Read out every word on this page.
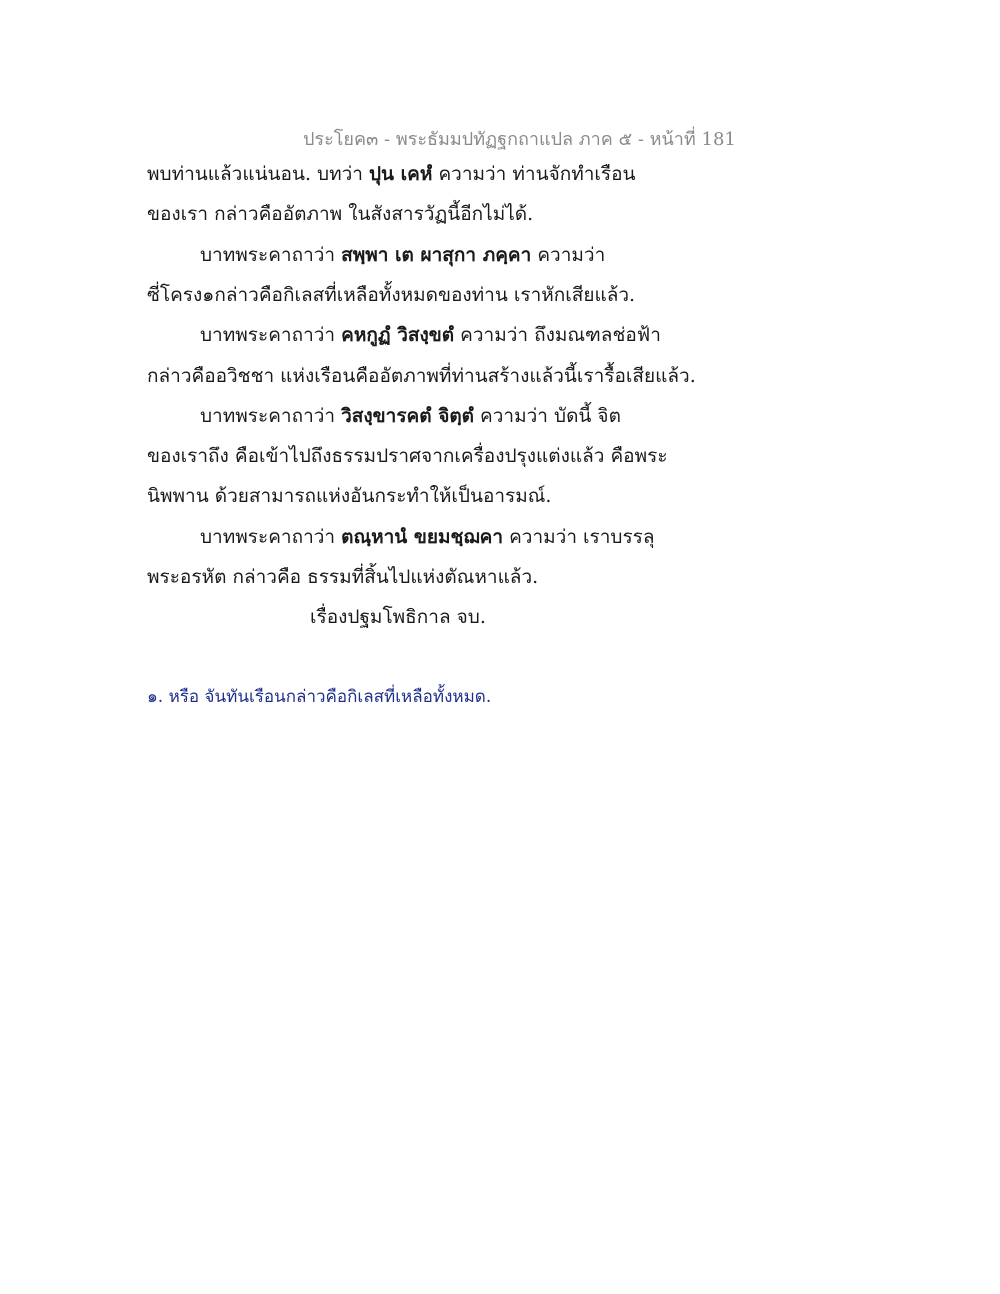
ประโยค๓ - พระธัมมปทัฏฐกถาแปล ภาค ๕ - หน้าที่ 181
พบท่านแล้วแน่นอน. บทว่า ปุน เคหํ ความว่า ท่านจักทำเรือน
ของเรา กล่าวคืออัตภาพ ในสังสารวัฏนี้อีกไม่ได้.
บาทพระคาถาว่า สพฺพา เต ผาสุกา ภคฺคา ความว่า
ซี่โครง๑กล่าวคือกิเลสที่เหลือทั้งหมดของท่าน เราหักเสียแล้ว.
บาทพระคาถาว่า คหกูฏํ วิสงฺขตํ ความว่า ถึงมณฑลช่อฟ้า
กล่าวคืออวิชชา แห่งเรือนคืออัตภาพที่ท่านสร้างแล้วนี้เรารื้อเสียแล้ว.
บาทพระคาถาว่า วิสงฺขารคตํ จิตฺตํ ความว่า บัดนี้ จิต
ของเราถึง คือเข้าไปถึงธรรมปราศจากเครื่องปรุงแต่งแล้ว คือพระ
นิพพาน ด้วยสามารถแห่งอันกระทำให้เป็นอารมณ์.
บาทพระคาถาว่า ตณฺหานํ ขยมชฺฌคา ความว่า เราบรรลุ
พระอรหัต กล่าวคือ ธรรมที่สิ้นไปแห่งตัณหาแล้ว.
เรื่องปฐมโพธิกาล จบ.
๑. หรือ จันทันเรือนกล่าวคือกิเลสที่เหลือทั้งหมด.
